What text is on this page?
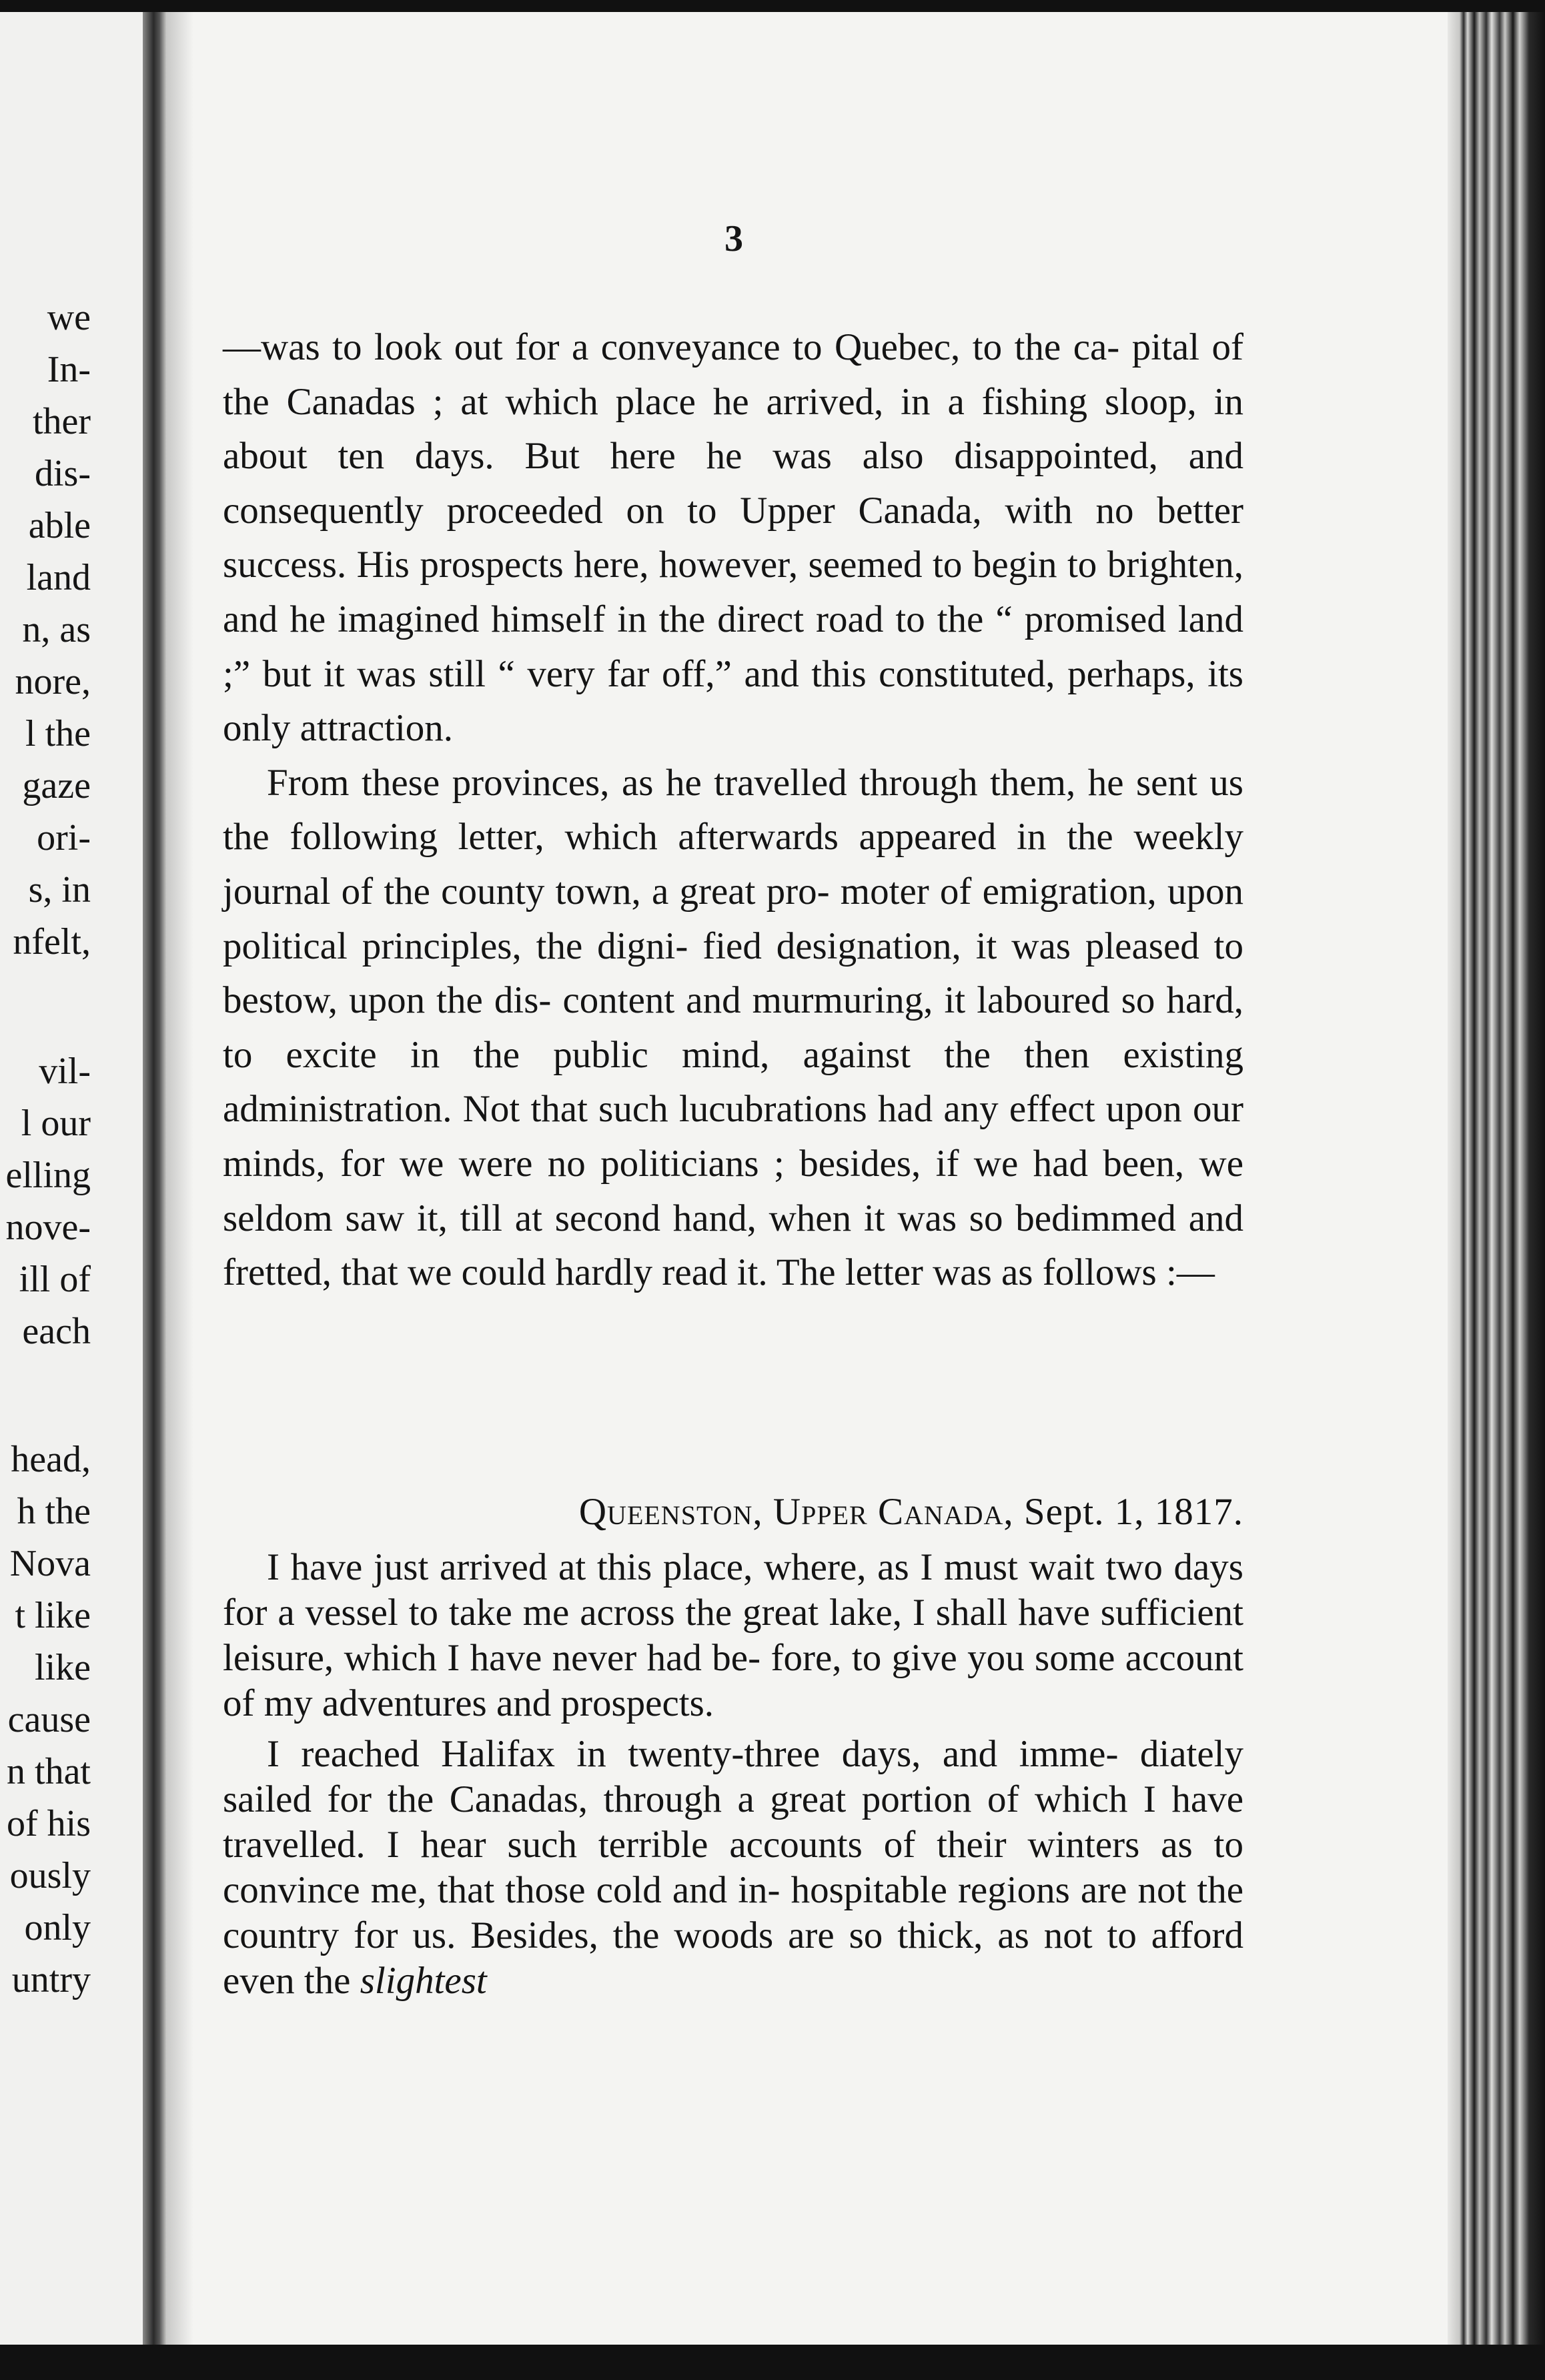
we
In-
ther
dis-
able
land
n, as
nore,
l the
gaze
ori-
s, in
nfelt,
vil-
l our
elling
nove-
ill of
each
head,
h the
Nova
t like
like
cause
n that
of his
ously
only
untry
3

—was to look out for a conveyance to Quebec, to the ca- pital of the Canadas ; at which place he arrived, in a fishing sloop, in about ten days. But here he was also disappointed, and consequently proceeded on to Upper Canada, with no better success. His prospects here, however, seemed to begin to brighten, and he imagined himself in the direct road to the “ promised land ;” but it was still “ very far off,” and this constituted, perhaps, its only attraction.

From these provinces, as he travelled through them, he sent us the following letter, which afterwards appeared in the weekly journal of the county town, a great pro- moter of emigration, upon political principles, the digni- fied designation, it was pleased to bestow, upon the dis- content and murmuring, it laboured so hard, to excite in the public mind, against the then existing administration. Not that such lucubrations had any effect upon our minds, for we were no politicians ; besides, if we had been, we seldom saw it, till at second hand, when it was so bedimmed and fretted, that we could hardly read it. The letter was as follows :—

Queenston, Upper Canada, Sept. 1, 1817.

I have just arrived at this place, where, as I must wait two days for a vessel to take me across the great lake, I shall have sufficient leisure, which I have never had be- fore, to give you some account of my adventures and prospects.

I reached Halifax in twenty-three days, and imme- diately sailed for the Canadas, through a great portion of which I have travelled. I hear such terrible accounts of their winters as to convince me, that those cold and in- hospitable regions are not the country for us. Besides, the woods are so thick, as not to afford even the slightest
